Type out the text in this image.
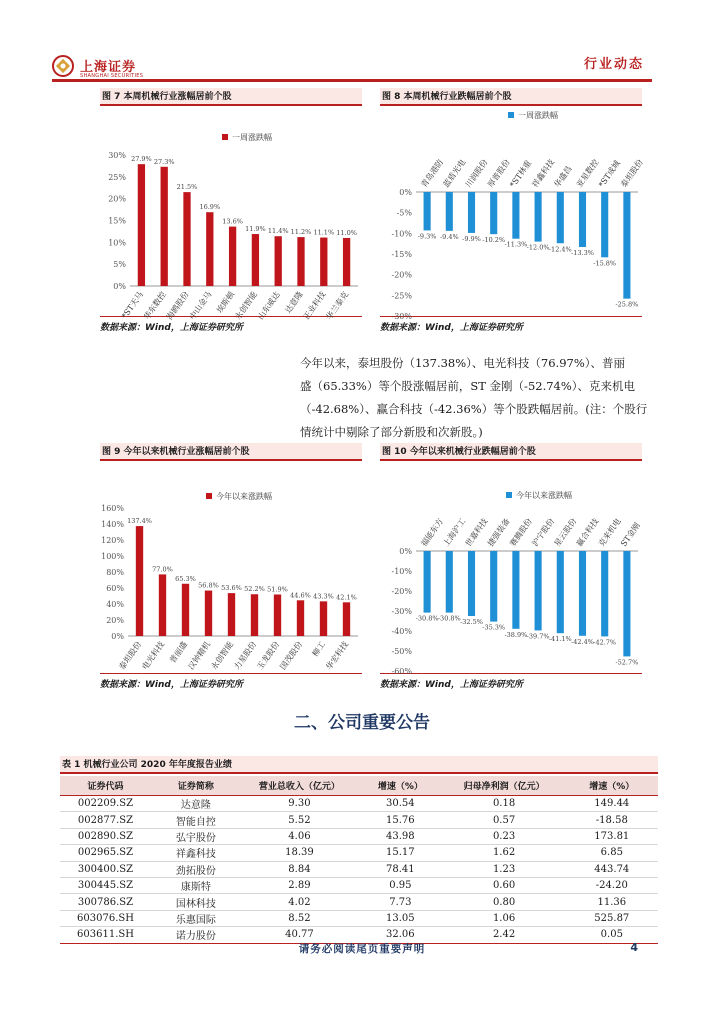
上海证券
SHANGHAI SECURITIES
行业动态
图 7 本周机械行业涨幅居前个股
一周涨跌幅
0%
5%
10%
15%
20%
25%
30% 27.9%
*ST天马
27.3%
华东数控
21.5%
海鸥股份
16.9%
中山金马
13.6%
埃斯顿
11.9%
永创智能
11.4%
山东威达
11.2%
达意隆
11.1%
正业科技
11.0%
华兰泰克
数据来源：Wind，上海证券研究所
图 8 本周机械行业跌幅居前个股
一周涨跌幅
0%
-5%
-10%
-15%
-20%
-25%
-30%
-9.3%
青岛港防
-9.4%
蓝盾光电
-9.9%
川润股份
-10.2%
厚普股份
-11.3%
*ST林重
-12.0%
祥鑫科技
-12.4%
华盛昌
-13.3%
亚星数控
-15.8%
*ST成城
-25.8%
泰坦股份
数据来源：Wind，上海证券研究所
今年以来，泰坦股份（137.38%）、电光科技（76.97%）、普丽
盛（65.33%）等个股涨幅居前，ST 金刚（-52.74%）、克来机电
（-42.68%）、赢合科技（-42.36%）等个股跌幅居前。(注：个股行
情统计中剔除了部分新股和次新股。)
图 9 今年以来机械行业涨幅居前个股
今年以来涨跌幅
0%
20%
40%
60%
80%
100%
120%
140%
160%
137.4%
泰坦股份
77.0%
电光科技
65.3%
普丽盛
56.8%
汉钟精机
53.6%
永创智能
52.2%
力星股份
51.9%
玉龙股份
44.6%
国茂股份
43.3%
柳工
42.1%
华宏科技
数据来源：Wind，上海证券研究所
图 10 今年以来机械行业跌幅居前个股
今年以来涨跌幅
0%
-10%
-20%
-30%
-40%
-50%
-60%
-30.8%
福能东方
-30.8%
上海沪工
-32.5%
世嘉科技
-35.3%
捷强装备
-38.9%
赛腾股份
-39.7%
沪宁股份
-41.1%
星云股份
-42.4%
赢合科技
-42.7%
克来机电
-52.7%
ST金刚
数据来源：Wind，上海证券研究所
二、公司重要公告
表 1 机械行业公司 2020 年年度报告业绩
证券代码	证券简称	营业总收入（亿元）	增速（%）	归母净利润（亿元）	增速（%）
002209.SZ	达意隆	9.30	30.54	0.18	149.44
002877.SZ	智能自控	5.52	15.76	0.57	-18.58
002890.SZ	弘宇股份	4.06	43.98	0.23	173.81
002965.SZ	祥鑫科技	18.39	15.17	1.62	6.85
300400.SZ	劲拓股份	8.84	78.41	1.23	443.74
300445.SZ	康斯特	2.89	0.95	0.60	-24.20
300786.SZ	国林科技	4.02	7.73	0.80	11.36
603076.SH	乐惠国际	8.52	13.05	1.06	525.87
603611.SH	诺力股份	40.77	32.06	2.42	0.05
请务必阅读尾页重要声明	4
